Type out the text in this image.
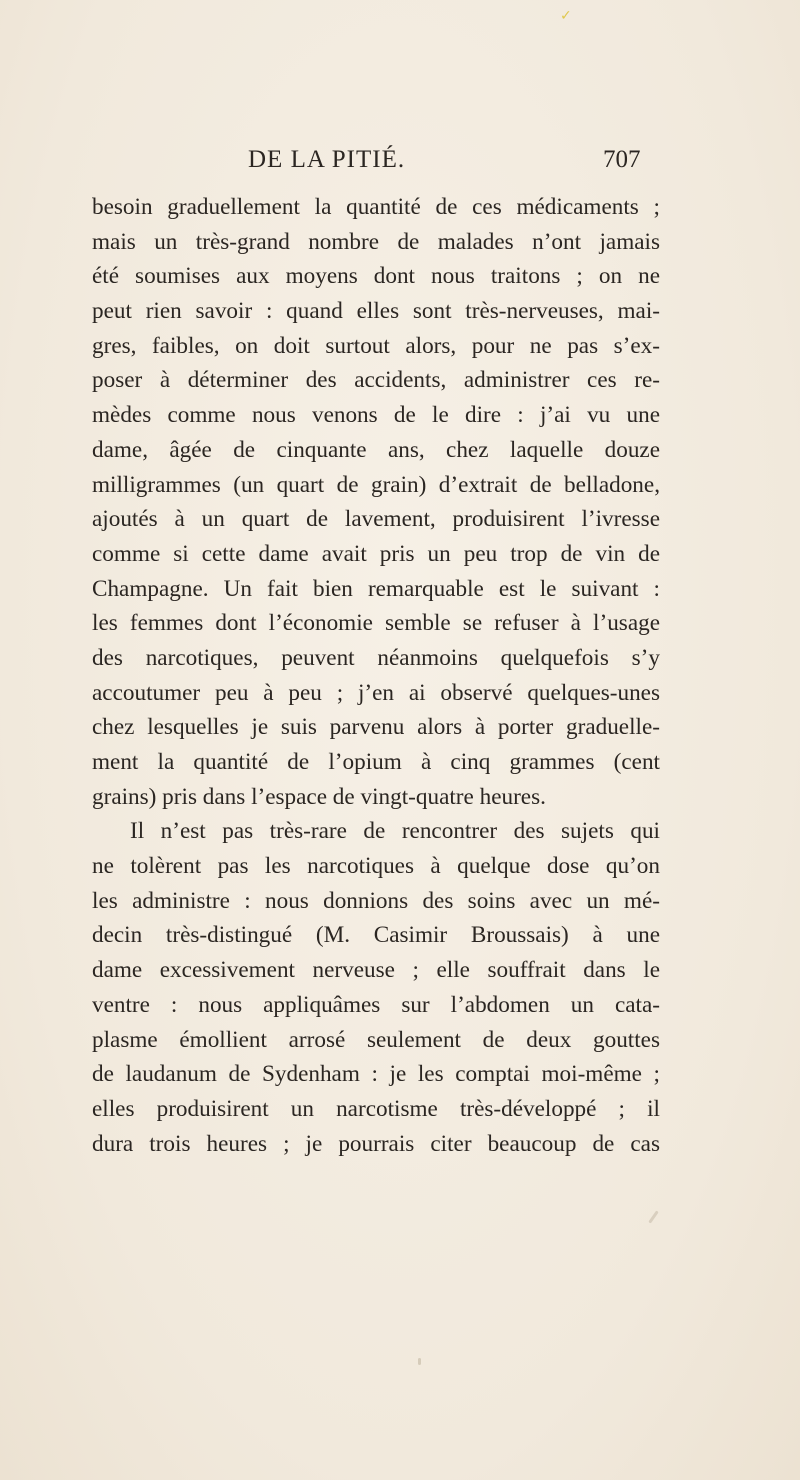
✓
DE LA PITIÉ.	707
besoin graduellement la quantité de ces médicaments ;
mais un très-grand nombre de malades n’ont jamais
été soumises aux moyens dont nous traitons ; on ne
peut rien savoir : quand elles sont très-nerveuses, mai-
gres, faibles, on doit surtout alors, pour ne pas s’ex-
poser à déterminer des accidents, administrer ces re-
mèdes comme nous venons de le dire : j’ai vu une
dame, âgée de cinquante ans, chez laquelle douze
milligrammes (un quart de grain) d’extrait de belladone,
ajoutés à un quart de lavement, produisirent l’ivresse
comme si cette dame avait pris un peu trop de vin de
Champagne. Un fait bien remarquable est le suivant :
les femmes dont l’économie semble se refuser à l’usage
des narcotiques, peuvent néanmoins quelquefois s’y
accoutumer peu à peu ; j’en ai observé quelques-unes
chez lesquelles je suis parvenu alors à porter graduelle-
ment la quantité de l’opium à cinq grammes (cent
grains) pris dans l’espace de vingt-quatre heures.
Il n’est pas très-rare de rencontrer des sujets qui
ne tolèrent pas les narcotiques à quelque dose qu’on
les administre : nous donnions des soins avec un mé-
decin très-distingué (M. Casimir Broussais) à une
dame excessivement nerveuse ; elle souffrait dans le
ventre : nous appliquâmes sur l’abdomen un cata-
plasme émollient arrosé seulement de deux gouttes
de laudanum de Sydenham : je les comptai moi-même ;
elles produisirent un narcotisme très-développé ; il
dura trois heures ; je pourrais citer beaucoup de cas
